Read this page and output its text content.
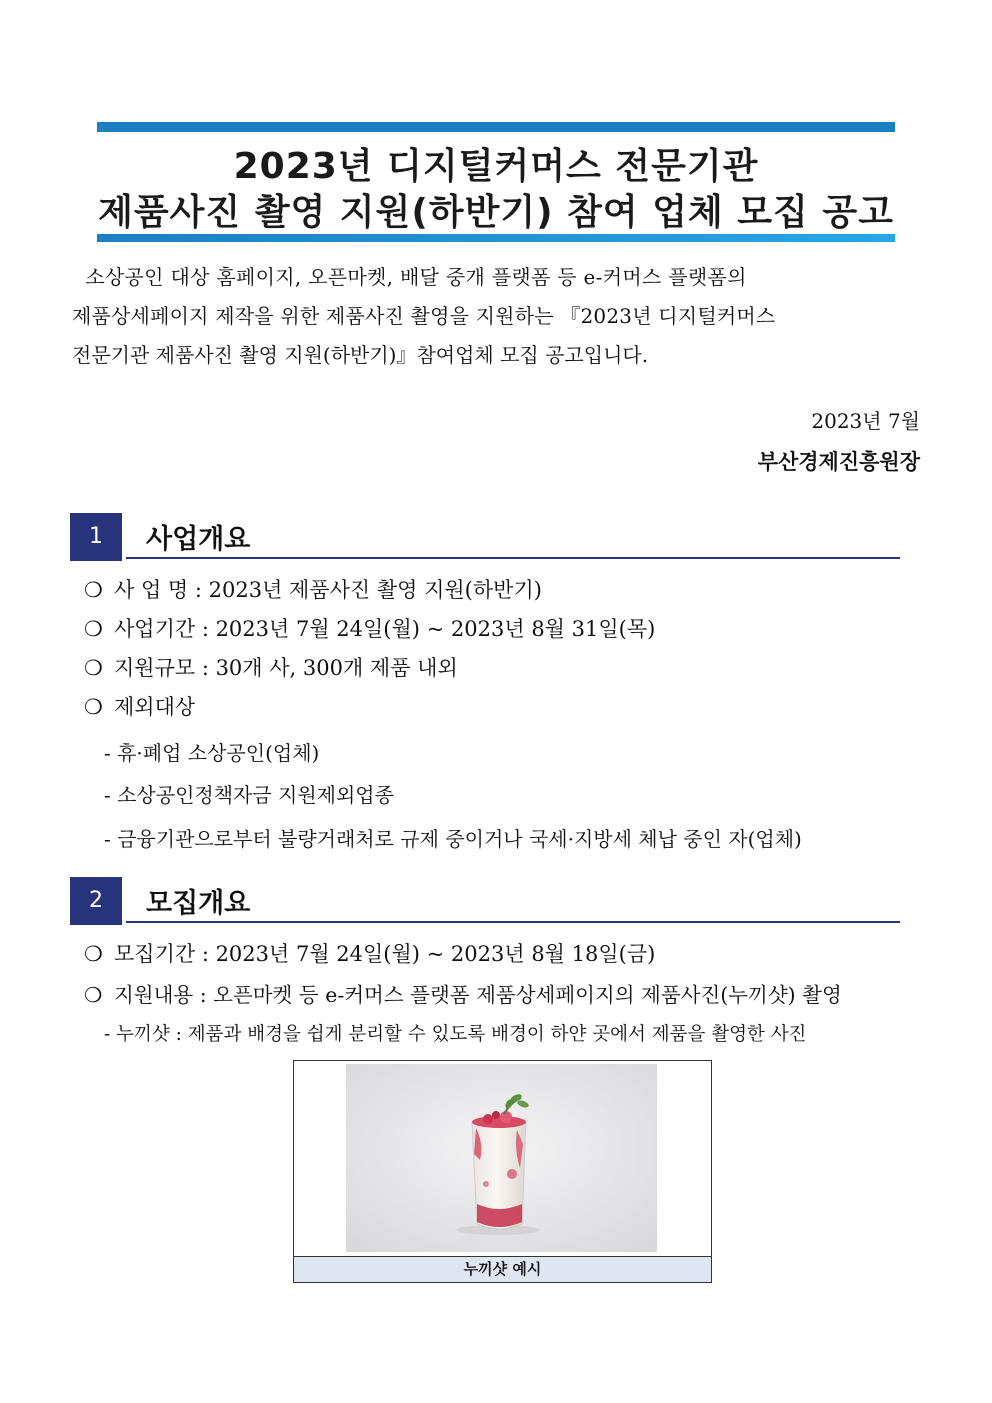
2023년 디지털커머스 전문기관
제품사진 촬영 지원(하반기) 참여 업체 모집 공고
소상공인 대상 홈페이지, 오픈마켓, 배달 중개 플랫폼 등 e-커머스 플랫폼의
제품상세페이지 제작을 위한 제품사진 촬영을 지원하는 『2023년 디지털커머스
전문기관 제품사진 촬영 지원(하반기)』참여업체 모집 공고입니다.
2023년 7월
부산경제진흥원장
1	사업개요
❍ 사 업 명 : 2023년 제품사진 촬영 지원(하반기)
❍ 사업기간 : 2023년 7월 24일(월) ~ 2023년 8월 31일(목)
❍ 지원규모 : 30개 사, 300개 제품 내외
❍ 제외대상
- 휴·폐업 소상공인(업체)
- 소상공인정책자금 지원제외업종
- 금융기관으로부터 불량거래처로 규제 중이거나 국세·지방세 체납 중인 자(업체)
2	모집개요
❍ 모집기간 : 2023년 7월 24일(월) ~ 2023년 8월 18일(금)
❍ 지원내용 : 오픈마켓 등 e-커머스 플랫폼 제품상세페이지의 제품사진(누끼샷) 촬영
- 누끼샷 : 제품과 배경을 쉽게 분리할 수 있도록 배경이 하얀 곳에서 제품을 촬영한 사진
누끼샷 예시
